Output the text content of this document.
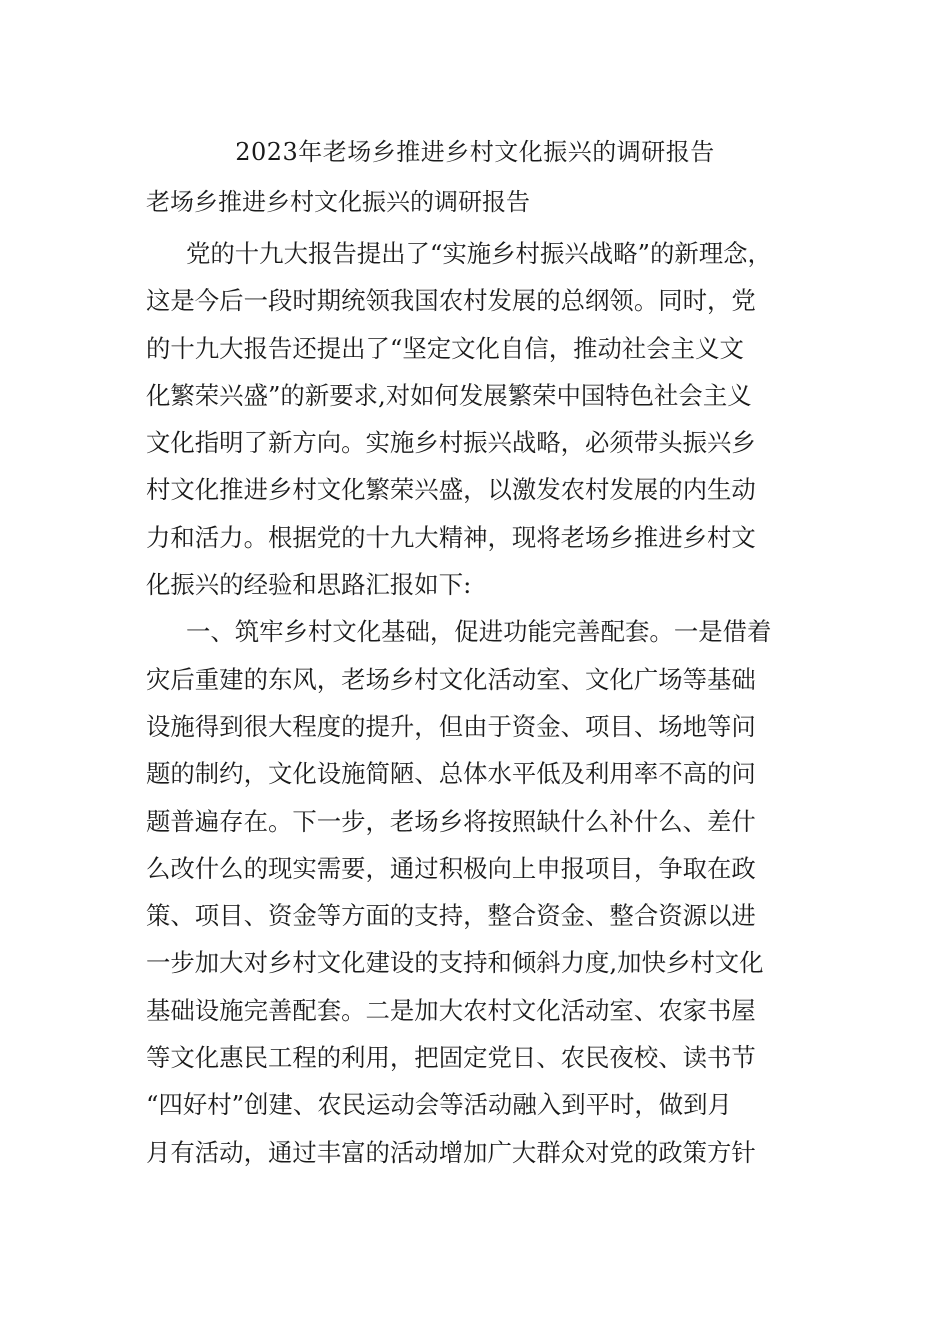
2023年老场乡推进乡村文化振兴的调研报告
老场乡推进乡村文化振兴的调研报告
党的十九大报告提出了“实施乡村振兴战略”的新理念，
这是今后一段时期统领我国农村发展的总纲领。同时，党
的十九大报告还提出了“坚定文化自信，推动社会主义文
化繁荣兴盛”的新要求,对如何发展繁荣中国特色社会主义
文化指明了新方向。实施乡村振兴战略，必须带头振兴乡
村文化推进乡村文化繁荣兴盛，以激发农村发展的内生动
力和活力。根据党的十九大精神，现将老场乡推进乡村文
化振兴的经验和思路汇报如下:
一、筑牢乡村文化基础，促进功能完善配套。一是借着
灾后重建的东风，老场乡村文化活动室、文化广场等基础
设施得到很大程度的提升，但由于资金、项目、场地等问
题的制约，文化设施简陋、总体水平低及利用率不高的问
题普遍存在。下一步，老场乡将按照缺什么补什么、差什
么改什么的现实需要，通过积极向上申报项目，争取在政
策、项目、资金等方面的支持，整合资金、整合资源以进
一步加大对乡村文化建设的支持和倾斜力度,加快乡村文化
基础设施完善配套。二是加大农村文化活动室、农家书屋
等文化惠民工程的利用，把固定党日、农民夜校、读书节
“四好村”创建、农民运动会等活动融入到平时，做到月
月有活动，通过丰富的活动增加广大群众对党的政策方针
